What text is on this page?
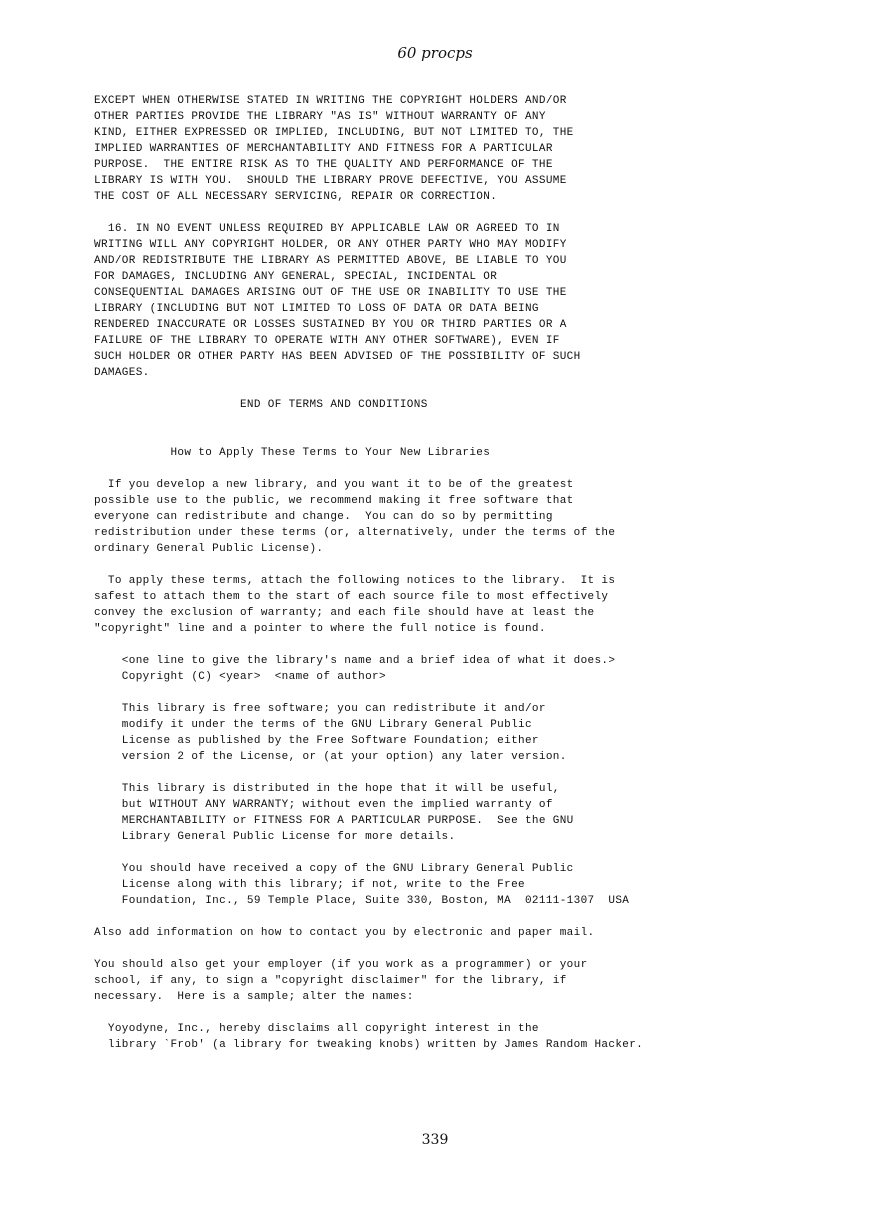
60 procps
EXCEPT WHEN OTHERWISE STATED IN WRITING THE COPYRIGHT HOLDERS AND/OR
OTHER PARTIES PROVIDE THE LIBRARY "AS IS" WITHOUT WARRANTY OF ANY
KIND, EITHER EXPRESSED OR IMPLIED, INCLUDING, BUT NOT LIMITED TO, THE
IMPLIED WARRANTIES OF MERCHANTABILITY AND FITNESS FOR A PARTICULAR
PURPOSE.  THE ENTIRE RISK AS TO THE QUALITY AND PERFORMANCE OF THE
LIBRARY IS WITH YOU.  SHOULD THE LIBRARY PROVE DEFECTIVE, YOU ASSUME
THE COST OF ALL NECESSARY SERVICING, REPAIR OR CORRECTION.

16. IN NO EVENT UNLESS REQUIRED BY APPLICABLE LAW OR AGREED TO IN
WRITING WILL ANY COPYRIGHT HOLDER, OR ANY OTHER PARTY WHO MAY MODIFY
AND/OR REDISTRIBUTE THE LIBRARY AS PERMITTED ABOVE, BE LIABLE TO YOU
FOR DAMAGES, INCLUDING ANY GENERAL, SPECIAL, INCIDENTAL OR
CONSEQUENTIAL DAMAGES ARISING OUT OF THE USE OR INABILITY TO USE THE
LIBRARY (INCLUDING BUT NOT LIMITED TO LOSS OF DATA OR DATA BEING
RENDERED INACCURATE OR LOSSES SUSTAINED BY YOU OR THIRD PARTIES OR A
FAILURE OF THE LIBRARY TO OPERATE WITH ANY OTHER SOFTWARE), EVEN IF
SUCH HOLDER OR OTHER PARTY HAS BEEN ADVISED OF THE POSSIBILITY OF SUCH
DAMAGES.

END OF TERMS AND CONDITIONS

How to Apply These Terms to Your New Libraries

If you develop a new library, and you want it to be of the greatest
possible use to the public, we recommend making it free software that
everyone can redistribute and change.  You can do so by permitting
redistribution under these terms (or, alternatively, under the terms of the
ordinary General Public License).

To apply these terms, attach the following notices to the library.  It is
safest to attach them to the start of each source file to most effectively
convey the exclusion of warranty; and each file should have at least the
"copyright" line and a pointer to where the full notice is found.

<one line to give the library's name and a brief idea of what it does.>
Copyright (C) <year>  <name of author>

This library is free software; you can redistribute it and/or
modify it under the terms of the GNU Library General Public
License as published by the Free Software Foundation; either
version 2 of the License, or (at your option) any later version.

This library is distributed in the hope that it will be useful,
but WITHOUT ANY WARRANTY; without even the implied warranty of
MERCHANTABILITY or FITNESS FOR A PARTICULAR PURPOSE.  See the GNU
Library General Public License for more details.

You should have received a copy of the GNU Library General Public
License along with this library; if not, write to the Free
Foundation, Inc., 59 Temple Place, Suite 330, Boston, MA  02111-1307  USA

Also add information on how to contact you by electronic and paper mail.

You should also get your employer (if you work as a programmer) or your
school, if any, to sign a "copyright disclaimer" for the library, if
necessary.  Here is a sample; alter the names:

Yoyodyne, Inc., hereby disclaims all copyright interest in the
library `Frob' (a library for tweaking knobs) written by James Random Hacker.
339
